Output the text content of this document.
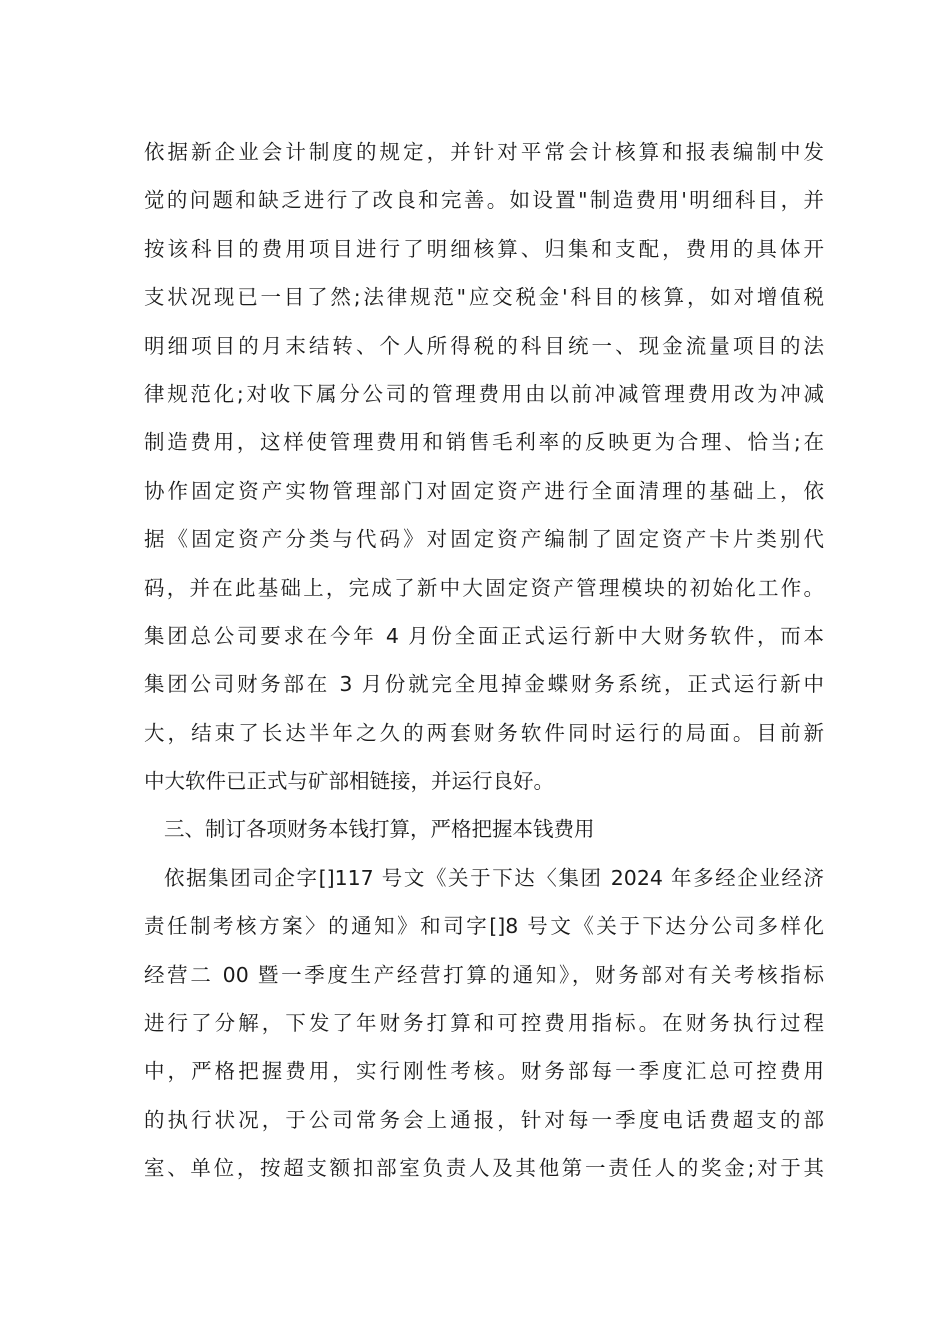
依据新企业会计制度的规定，并针对平常会计核算和报表编制中发
觉的问题和缺乏进行了改良和完善。如设置"制造费用'明细科目，并
按该科目的费用项目进行了明细核算、归集和支配，费用的具体开
支状况现已一目了然;法律规范"应交税金'科目的核算，如对增值税
明细项目的月末结转、个人所得税的科目统一、现金流量项目的法
律规范化;对收下属分公司的管理费用由以前冲减管理费用改为冲减
制造费用，这样使管理费用和销售毛利率的反映更为合理、恰当;在
协作固定资产实物管理部门对固定资产进行全面清理的基础上，依
据《固定资产分类与代码》对固定资产编制了固定资产卡片类别代
码，并在此基础上，完成了新中大固定资产管理模块的初始化工作。
集团总公司要求在今年 4 月份全面正式运行新中大财务软件，而本
集团公司财务部在 3 月份就完全甩掉金蝶财务系统，正式运行新中
大，结束了长达半年之久的两套财务软件同时运行的局面。目前新
中大软件已正式与矿部相链接，并运行良好。
三、制订各项财务本钱打算，严格把握本钱费用
依据集团司企字[]117 号文《关于下达〈集团 2024 年多经企业经济
责任制考核方案〉的通知》和司字[]8 号文《关于下达分公司多样化
经营二 00 暨一季度生产经营打算的通知》，财务部对有关考核指标
进行了分解，下发了年财务打算和可控费用指标。在财务执行过程
中，严格把握费用，实行刚性考核。财务部每一季度汇总可控费用
的执行状况，于公司常务会上通报，针对每一季度电话费超支的部
室、单位，按超支额扣部室负责人及其他第一责任人的奖金;对于其
